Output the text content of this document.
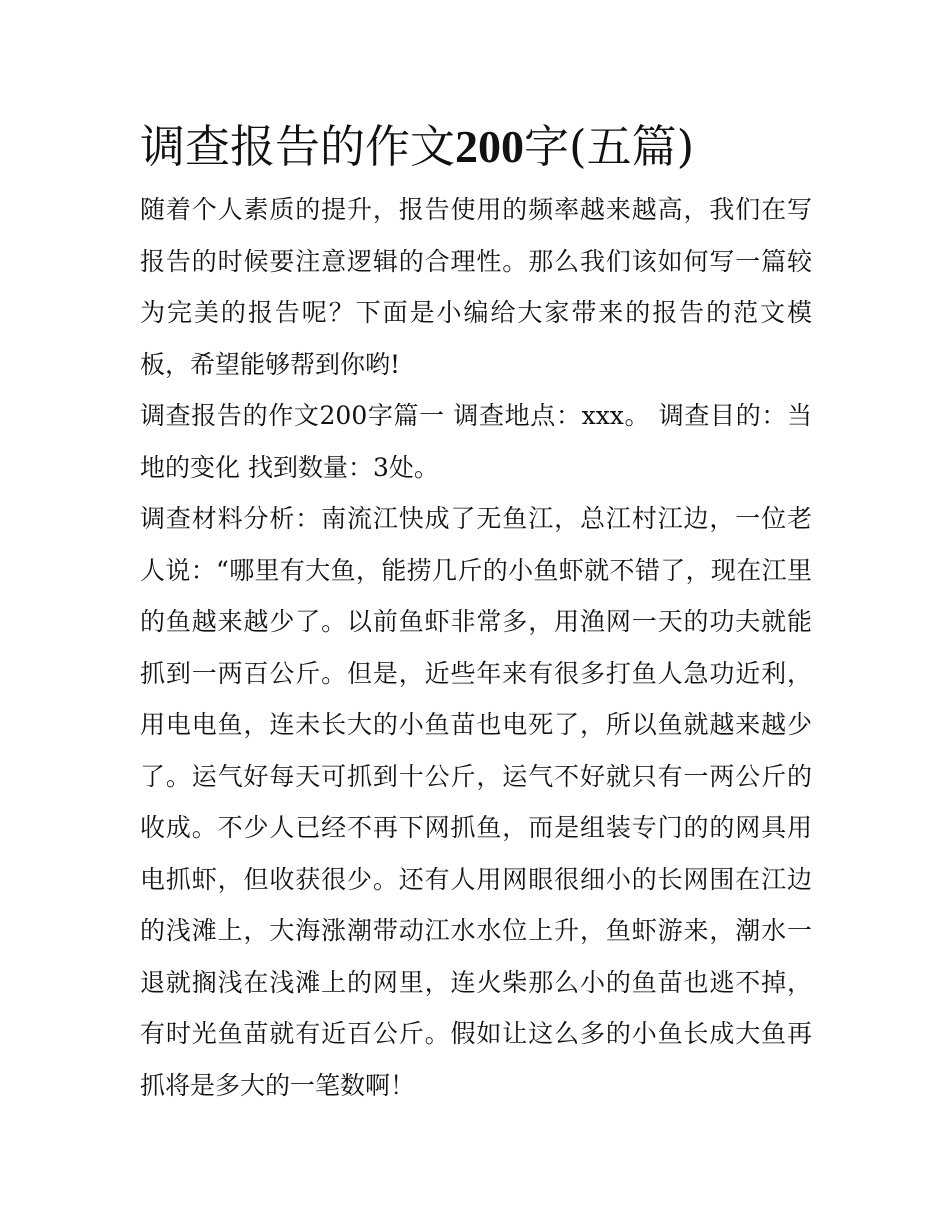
调查报告的作文200字(五篇)

随着个人素质的提升，报告使用的频率越来越高，我们在写报告的时候要注意逻辑的合理性。那么我们该如何写一篇较为完美的报告呢？下面是小编给大家带来的报告的范文模板，希望能够帮到你哟!

调查报告的作文200字篇一 调查地点：xxx。 调查目的：当地的变化 找到数量：3处。

调查材料分析：南流江快成了无鱼江，总江村江边，一位老人说：“哪里有大鱼，能捞几斤的小鱼虾就不错了，现在江里的鱼越来越少了。以前鱼虾非常多，用渔网一天的功夫就能抓到一两百公斤。但是，近些年来有很多打鱼人急功近利，用电电鱼，连未长大的小鱼苗也电死了，所以鱼就越来越少了。运气好每天可抓到十公斤，运气不好就只有一两公斤的收成。不少人已经不再下网抓鱼，而是组装专门的的网具用电抓虾，但收获很少。还有人用网眼很细小的长网围在江边的浅滩上，大海涨潮带动江水水位上升，鱼虾游来，潮水一退就搁浅在浅滩上的网里，连火柴那么小的鱼苗也逃不掉，有时光鱼苗就有近百公斤。假如让这么多的小鱼长成大鱼再抓将是多大的一笔数啊！
